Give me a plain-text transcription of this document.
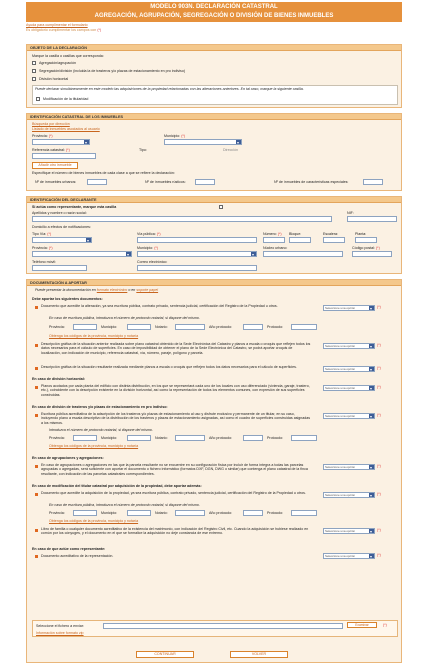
MODELO 903N. DECLARACIÓN CATASTRAL
AGREGACIÓN, AGRUPACIÓN, SEGREGACIÓN O DIVISIÓN DE BIENES INMUEBLES
Ayuda para cumplimentar el formulario
Es obligatorio cumplimentar los campos con (*)
OBJETO DE LA DECLARACIÓN
Marque la casilla o casillas que corresponda:
Agregación/agrupación
Segregación/división (incluida la de trasteros y/o plazas de estacionamiento en pro indiviso)
División horizontal
Puede declarar simultáneamente en este modelo las adquisiciones de la propiedad relacionadas con las alteraciones anteriores. En tal caso, marque la siguiente casilla.
Modificación de la titularidad
IDENTIFICACIÓN CATASTRAL DE LOS INMUEBLES
Búsqueda por dirección
Listado de inmuebles asociados al usuario
Provincia: (*)	Municipio: (*)
Referencia catastral: (*)	Tipo:	Dirección
Añadir otro inmueble
Especifique el número de bienes inmuebles de cada clase a que se refiere la declaración:
Nº de inmuebles urbanos:	Nº de inmuebles rústicos:	Nº de inmuebles de características especiales:
IDENTIFICACIÓN DEL DECLARANTE
Si actúa como representante, marque esta casilla
Apellidos y nombre o razón social:	NIF:
Domicilio a efectos de notificaciones:
Tipo Vía: (*)	Vía pública: (*)	Número: (*) Bloque:	Escalera:	Planta:
Provincia: (*)	Municipio: (*)	Núcleo urbano:	Código postal: (*)
Teléfono móvil:	Correo electrónico:
DOCUMENTACIÓN A APORTAR
Puede presentar la documentación en formato electrónico o en soporte papel
Debe aportar los siguientes documentos:
Documento que acredite la alteración, ya sea escritura pública, contrato privado, sentencia judicial, certificación del Registro de la Propiedad u otros.	Seleccione una opción	(*)
En caso de escritura pública, introduzca el número de protocolo notarial, si dispone del mismo.
Provincia:	Municipio:	Notario:	Año protocolo:	Protocolo:
Obtenga los códigos de la provincia, municipio y notaría
Descripción gráfica de la situación anterior realizada sobre plano catastral obtenido de la Sede Electrónica del Catastro y planos a escala o croquis que reflejen todos los datos necesarios para el cálculo de superficies. En caso de imposibilidad de obtener el plano de la Sede Electrónica del Catastro, se podrá aportar croquis de localización, con indicación de municipio, referencia catastral, vía, número, paraje, polígono y parcela.
Seleccione una opción	(*)
Descripción gráfica de la situación resultante realizada mediante planos a escala o croquis que reflejen todos los datos necesarios para el cálculo de superficies.	Seleccione una opción	(*)
En caso de división horizontal:
Planos acotados por cada planta del edificio con distinta distribución, en los que se representará cada uno de los locales con uso diferenciado (vivienda, garaje, trastero, etc.), coincidente con la descripción existente en la división horizontal, así como la representación de todos los elementos comunes, con expresión de sus superficies construidas.
Seleccione una opción	(*)
En caso de división de trasteros y/o plazas de estacionamiento en pro indiviso:
Escritura pública acreditativa de la adscripción de los trasteros y/o plazas de estacionamiento al uso y disfrute exclusivo y permanente de un titular, en su caso, incluyendo plano a escala descriptivo de la distribución de los trasteros y plazas de estacionamiento asignadas, así como el cuadro de superficies construidas asignadas a los mismos.
Seleccione una opción	(*)
Introduzca el número de protocolo notarial, si dispone del mismo.
Provincia:	Municipio:	Notario:	Año protocolo:	Protocolo:
Obtenga los códigos de la provincia, municipio y notaría
En caso de agrupaciones y agregaciones:
En caso de agrupaciones o agregaciones en las que la parcela resultante no se encuentre en su configuración física por incluir de forma íntegra a todas las parcelas agrupadas o agregadas, será suficiente con aportar el documento o fichero informático (formatos DXF, DGN, DWG o similar) que contenga el plano catastral de la finca resultante, con indicación de las parcelas catastrales correspondientes.
Seleccione una opción	(*)
En caso de modificación del titular catastral por adquisición de la propiedad, debe aportar además:
Documento que acredite la adquisición de la propiedad, ya sea escritura pública, contrato privado, sentencia judicial, certificación del Registro de la Propiedad u otros.	Seleccione una opción	(*)
En caso de escritura pública, introduzca el número de protocolo notarial, si dispone del mismo.
Provincia:	Municipio:	Notario:	Año protocolo:	Protocolo:
Obtenga los códigos de la provincia, municipio y notaría
Libro de familia o cualquier documento acreditativo de la existencia del matrimonio, con indicación del Registro Civil, etc. Cuando la adquisición se hubiese realizado en común por los cónyuges, y el documento en el que se formalice la adquisición no deje constancia de ese extremo.
Seleccione una opción	(*)
En caso de que actúe como representante:
Documento acreditativo de la representación.	Seleccione una opción	(*)
Seleccione el fichero a enviar:	Examinar	(*)
Información sobre formato zip
CONTINUAR	VOLVER
